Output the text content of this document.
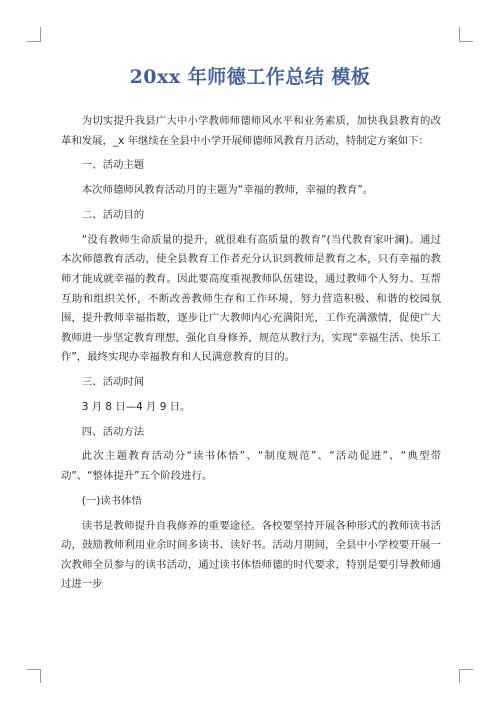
20xx 年师德工作总结 模板

为切实提升我县广大中小学教师师德师风水平和业务素质，加快我县教育的改革和发展，_x 年继续在全县中小学开展师德师风教育月活动，特制定方案如下：

一、活动主题

本次师德师风教育活动月的主题为“幸福的教师，幸福的教育”。

二、活动目的

“没有教师生命质量的提升，就很难有高质量的教育”(当代教育家叶澜)。通过本次师德教育活动，使全县教育工作者充分认识到教师是教育之本，只有幸福的教师才能成就幸福的教育。因此要高度重视教师队伍建设，通过教师个人努力、互帮互助和组织关怀，不断改善教师生存和工作环境，努力营造积极、和谐的校园氛围，提升教师幸福指数，逐步让广大教师内心充满阳光，工作充满激情，促使广大教师进一步坚定教育理想，强化自身修养，规范从教行为，实现“幸福生活、快乐工作”，最终实现办幸福教育和人民满意教育的目的。

三、活动时间

3 月 8 日—4 月 9 日。

四、活动方法

此次主题教育活动分“读书体悟”、“制度规范”、“活动促进”、“典型带动”、“整体提升”五个阶段进行。

(一)读书体悟

读书是教师提升自我修养的重要途径。各校要坚持开展各种形式的教师读书活动，鼓励教师利用业余时间多读书、读好书。活动月期间，全县中小学校要开展一次教师全员参与的读书活动，通过读书体悟师德的时代要求，特别是要引导教师通过进一步
